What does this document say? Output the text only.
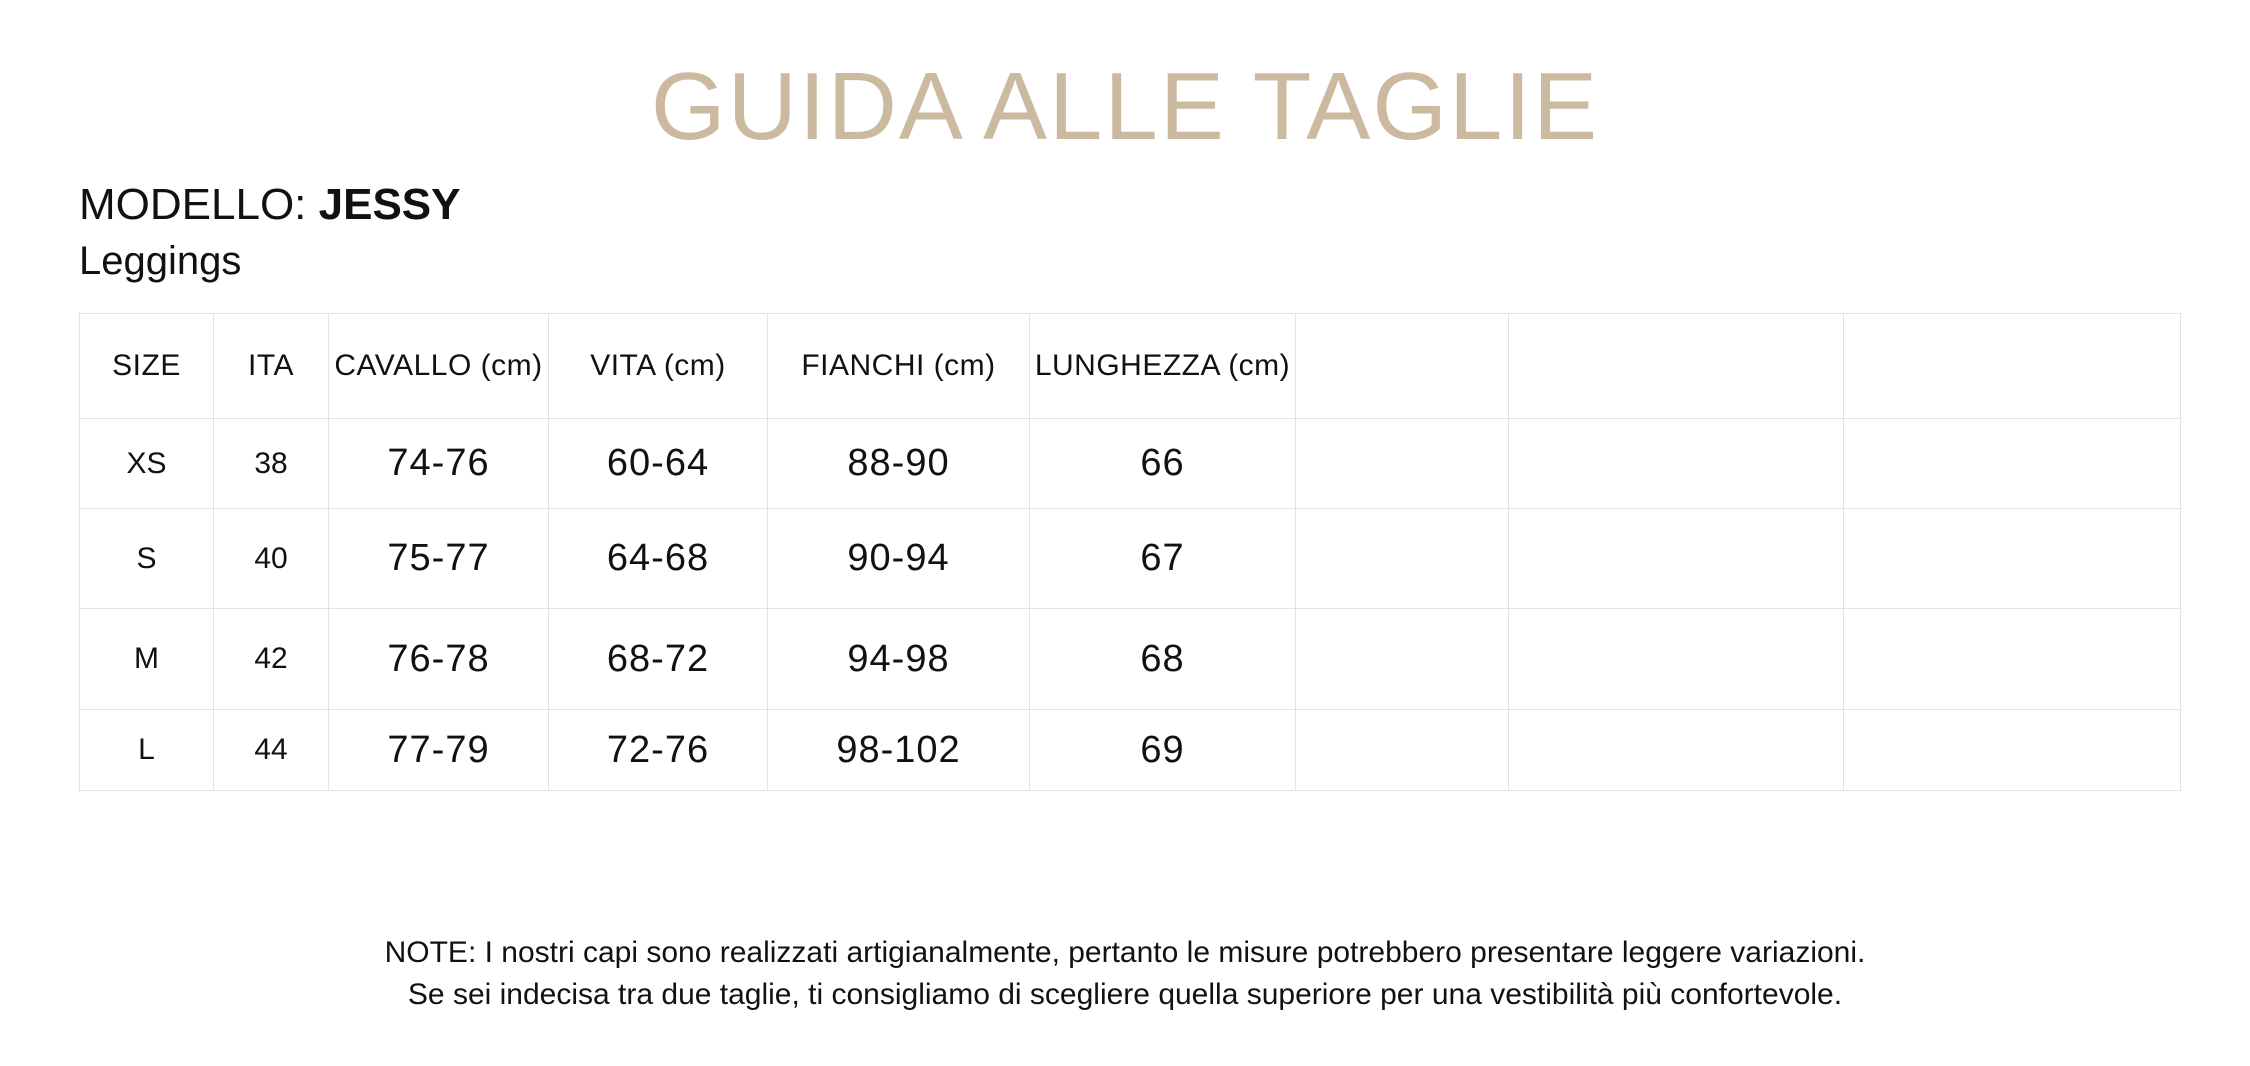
GUIDA ALLE TAGLIE

MODELLO: JESSY

Leggings

SIZE	ITA	CAVALLO (cm)	VITA (cm)	FIANCHI (cm)	LUNGHEZZA (cm)			
XS	38	74-76	60-64	88-90	66			
S	40	75-77	64-68	90-94	67			
M	42	76-78	68-72	94-98	68			
L	44	77-79	72-76	98-102	69			
NOTE: I nostri capi sono realizzati artigianalmente, pertanto le misure potrebbero presentare leggere variazioni.
Se sei indecisa tra due taglie, ti consigliamo di scegliere quella superiore per una vestibilità più confortevole.
